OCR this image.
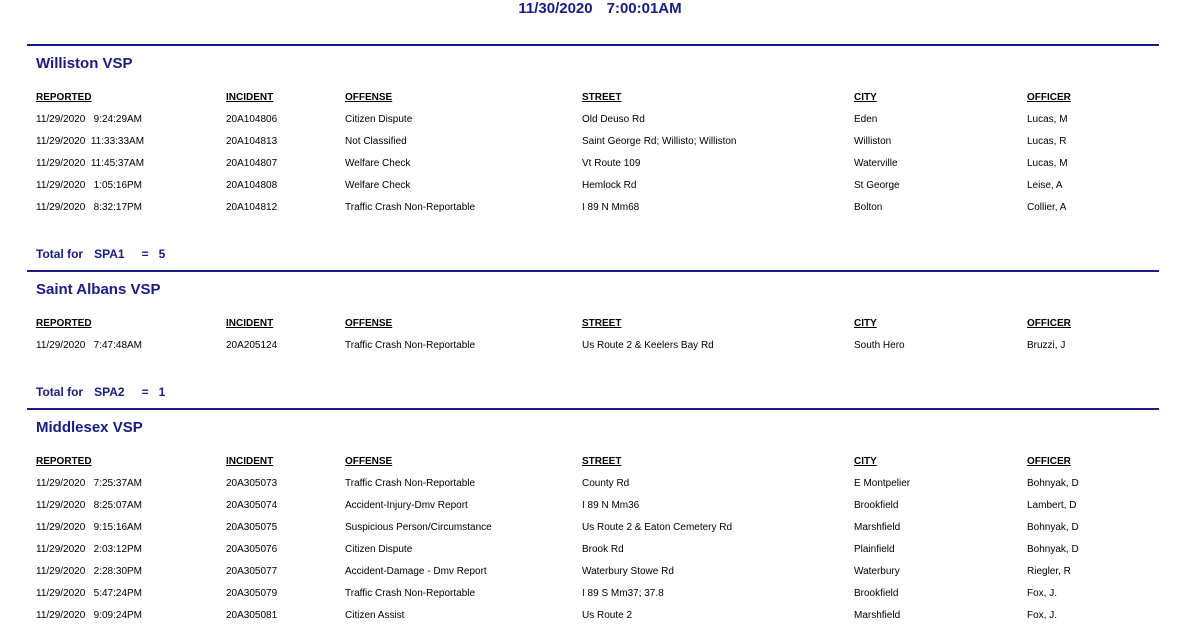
11/30/2020 7:00:01AM
Williston VSP
REPORTED	INCIDENT	OFFENSE	STREET	CITY	OFFICER
11/29/2020   9:24:29AM	20A104806	Citizen Dispute	Old Deuso Rd	Eden	Lucas, M
11/29/2020  11:33:33AM	20A104813	Not Classified	Saint George Rd; Willisto; Williston	Williston	Lucas, R
11/29/2020  11:45:37AM	20A104807	Welfare Check	Vt Route 109	Waterville	Lucas, M
11/29/2020   1:05:16PM	20A104808	Welfare Check	Hemlock Rd	St George	Leise, A
11/29/2020   8:32:17PM	20A104812	Traffic Crash Non-Reportable	I 89 N Mm68	Bolton	Collier, A
Total for SPA1 = 5
Saint Albans VSP
REPORTED	INCIDENT	OFFENSE	STREET	CITY	OFFICER
11/29/2020   7:47:48AM	20A205124	Traffic Crash Non-Reportable	Us Route 2 & Keelers Bay Rd	South Hero	Bruzzi, J
Total for SPA2 = 1
Middlesex VSP
REPORTED	INCIDENT	OFFENSE	STREET	CITY	OFFICER
11/29/2020   7:25:37AM	20A305073	Traffic Crash Non-Reportable	County Rd	E Montpelier	Bohnyak, D
11/29/2020   8:25:07AM	20A305074	Accident-Injury-Dmv Report	I 89 N Mm36	Brookfield	Lambert, D
11/29/2020   9:15:16AM	20A305075	Suspicious Person/Circumstance	Us Route 2 & Eaton Cemetery Rd	Marshfield	Bohnyak, D
11/29/2020   2:03:12PM	20A305076	Citizen Dispute	Brook Rd	Plainfield	Bohnyak, D
11/29/2020   2:28:30PM	20A305077	Accident-Damage - Dmv Report	Waterbury Stowe Rd	Waterbury	Riegler, R
11/29/2020   5:47:24PM	20A305079	Traffic Crash Non-Reportable	I 89 S Mm37; 37.8	Brookfield	Fox, J.
11/29/2020   9:09:24PM	20A305081	Citizen Assist	Us Route 2	Marshfield	Fox, J.
